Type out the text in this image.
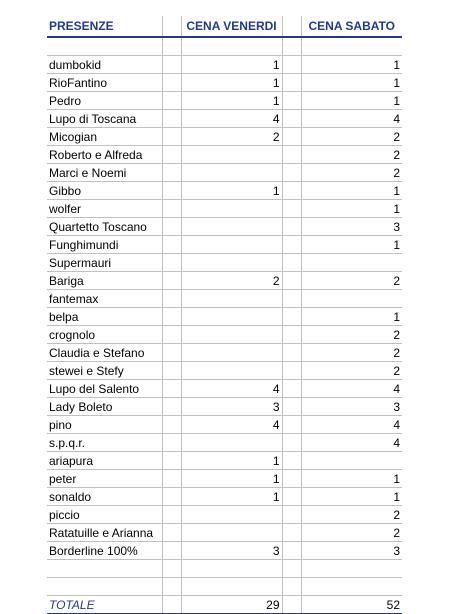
PRESENZE		CENA VENERDI		CENA SABATO

dumbokid		1		1
RioFantino		1		1
Pedro		1		1
Lupo di Toscana		4		4
Micogian		2		2
Roberto e Alfreda				2
Marci e Noemi				2
Gibbo		1		1
wolfer				1
Quartetto Toscano				3
Funghimundi				1
Supermauri				
Bariga		2		2
fantemax				
belpa				1
crognolo				2
Claudia e Stefano				2
stewei e Stefy				2
Lupo del Salento		4		4
Lady Boleto		3		3
pino		4		4
s.p.q.r.				4
ariapura		1		
peter		1		1
sonaldo		1		1
piccio				2
Ratatuille e Arianna				2
Borderline 100%		3		3

TOTALE		29		52
